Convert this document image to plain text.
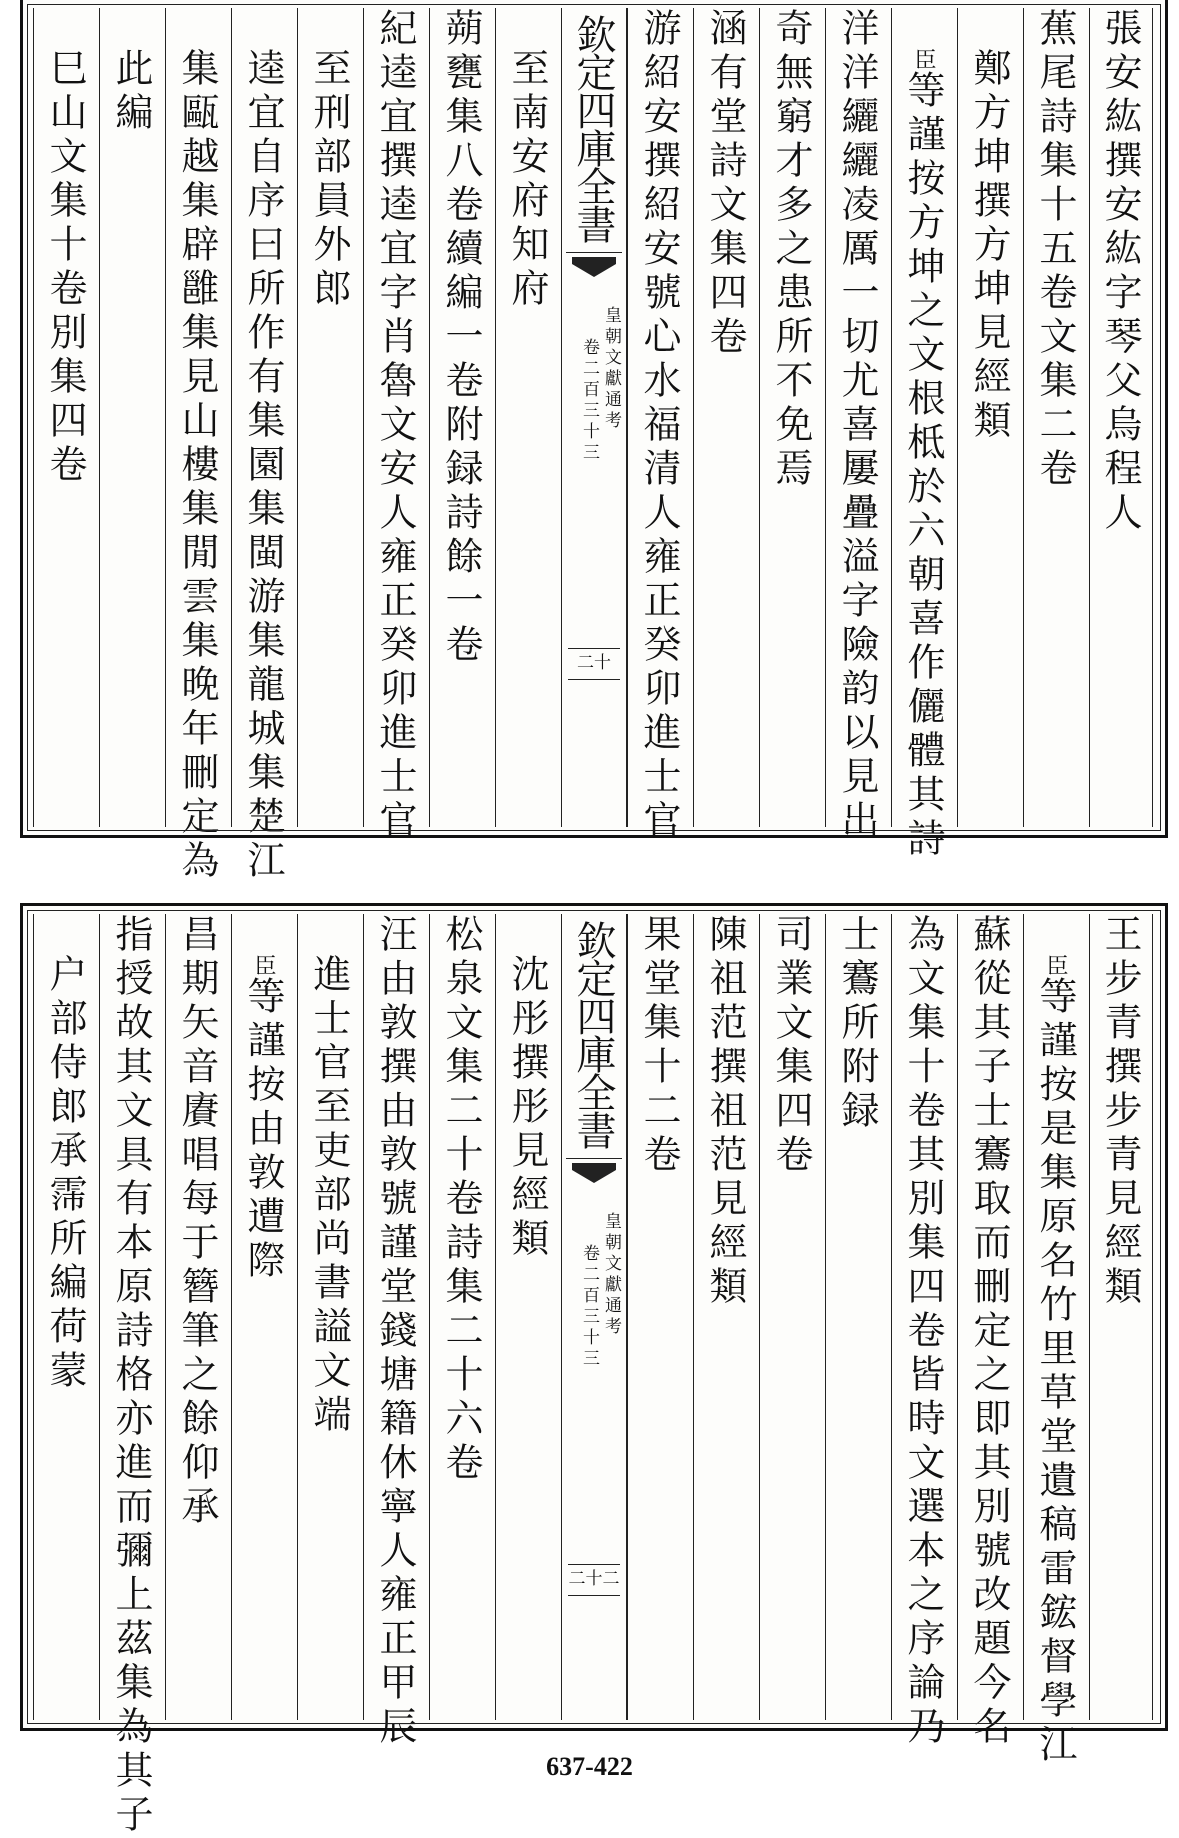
張安紘撰安紘字琴父烏程人
蕉尾詩集十五卷文集二卷
鄭方坤撰方坤見經類
臣等謹按方坤之文根柢於六朝喜作儷體其詩
洋洋纚纚凌厲一切尤喜屢疊溢字險韵以見出
奇無窮才多之患所不免焉
涵有堂詩文集四卷
游紹安撰紹安號心水福清人雍正癸卯進士官
欽定四庫全書
皇朝文獻通考
卷二百三十三
二十
至南安府知府
蒴甕集八卷續編一卷附録詩餘一卷
紀逵宜撰逵宜字肖魯文安人雍正癸卯進士官
至刑部員外郎
逵宜自序曰所作有集園集閩游集龍城集楚江
集甌越集辟雝集見山樓集閒雲集晚年刪定為
此編
巳山文集十卷別集四卷
王步青撰步青見經類
臣等謹按是集原名竹里草堂遺稿雷鋐督學江
蘇從其子士鶱取而刪定之即其別號改題今名
為文集十卷其別集四卷皆時文選本之序論乃
士鶱所附録
司業文集四卷
陳祖范撰祖范見經類
果堂集十二卷
欽定四庫全書
皇朝文獻通考
卷二百三十三
二十二
沈彤撰彤見經類
松泉文集二十卷詩集二十六卷
汪由敦撰由敦號謹堂錢塘籍休寧人雍正甲辰
進士官至吏部尚書謚文端
臣等謹按由敦遭際
昌期矢音賡唱每于簪筆之餘仰承
指授故其文具有本原詩格亦進而彌上茲集為其子
户部侍郎承霈所編荷蒙
637-422
